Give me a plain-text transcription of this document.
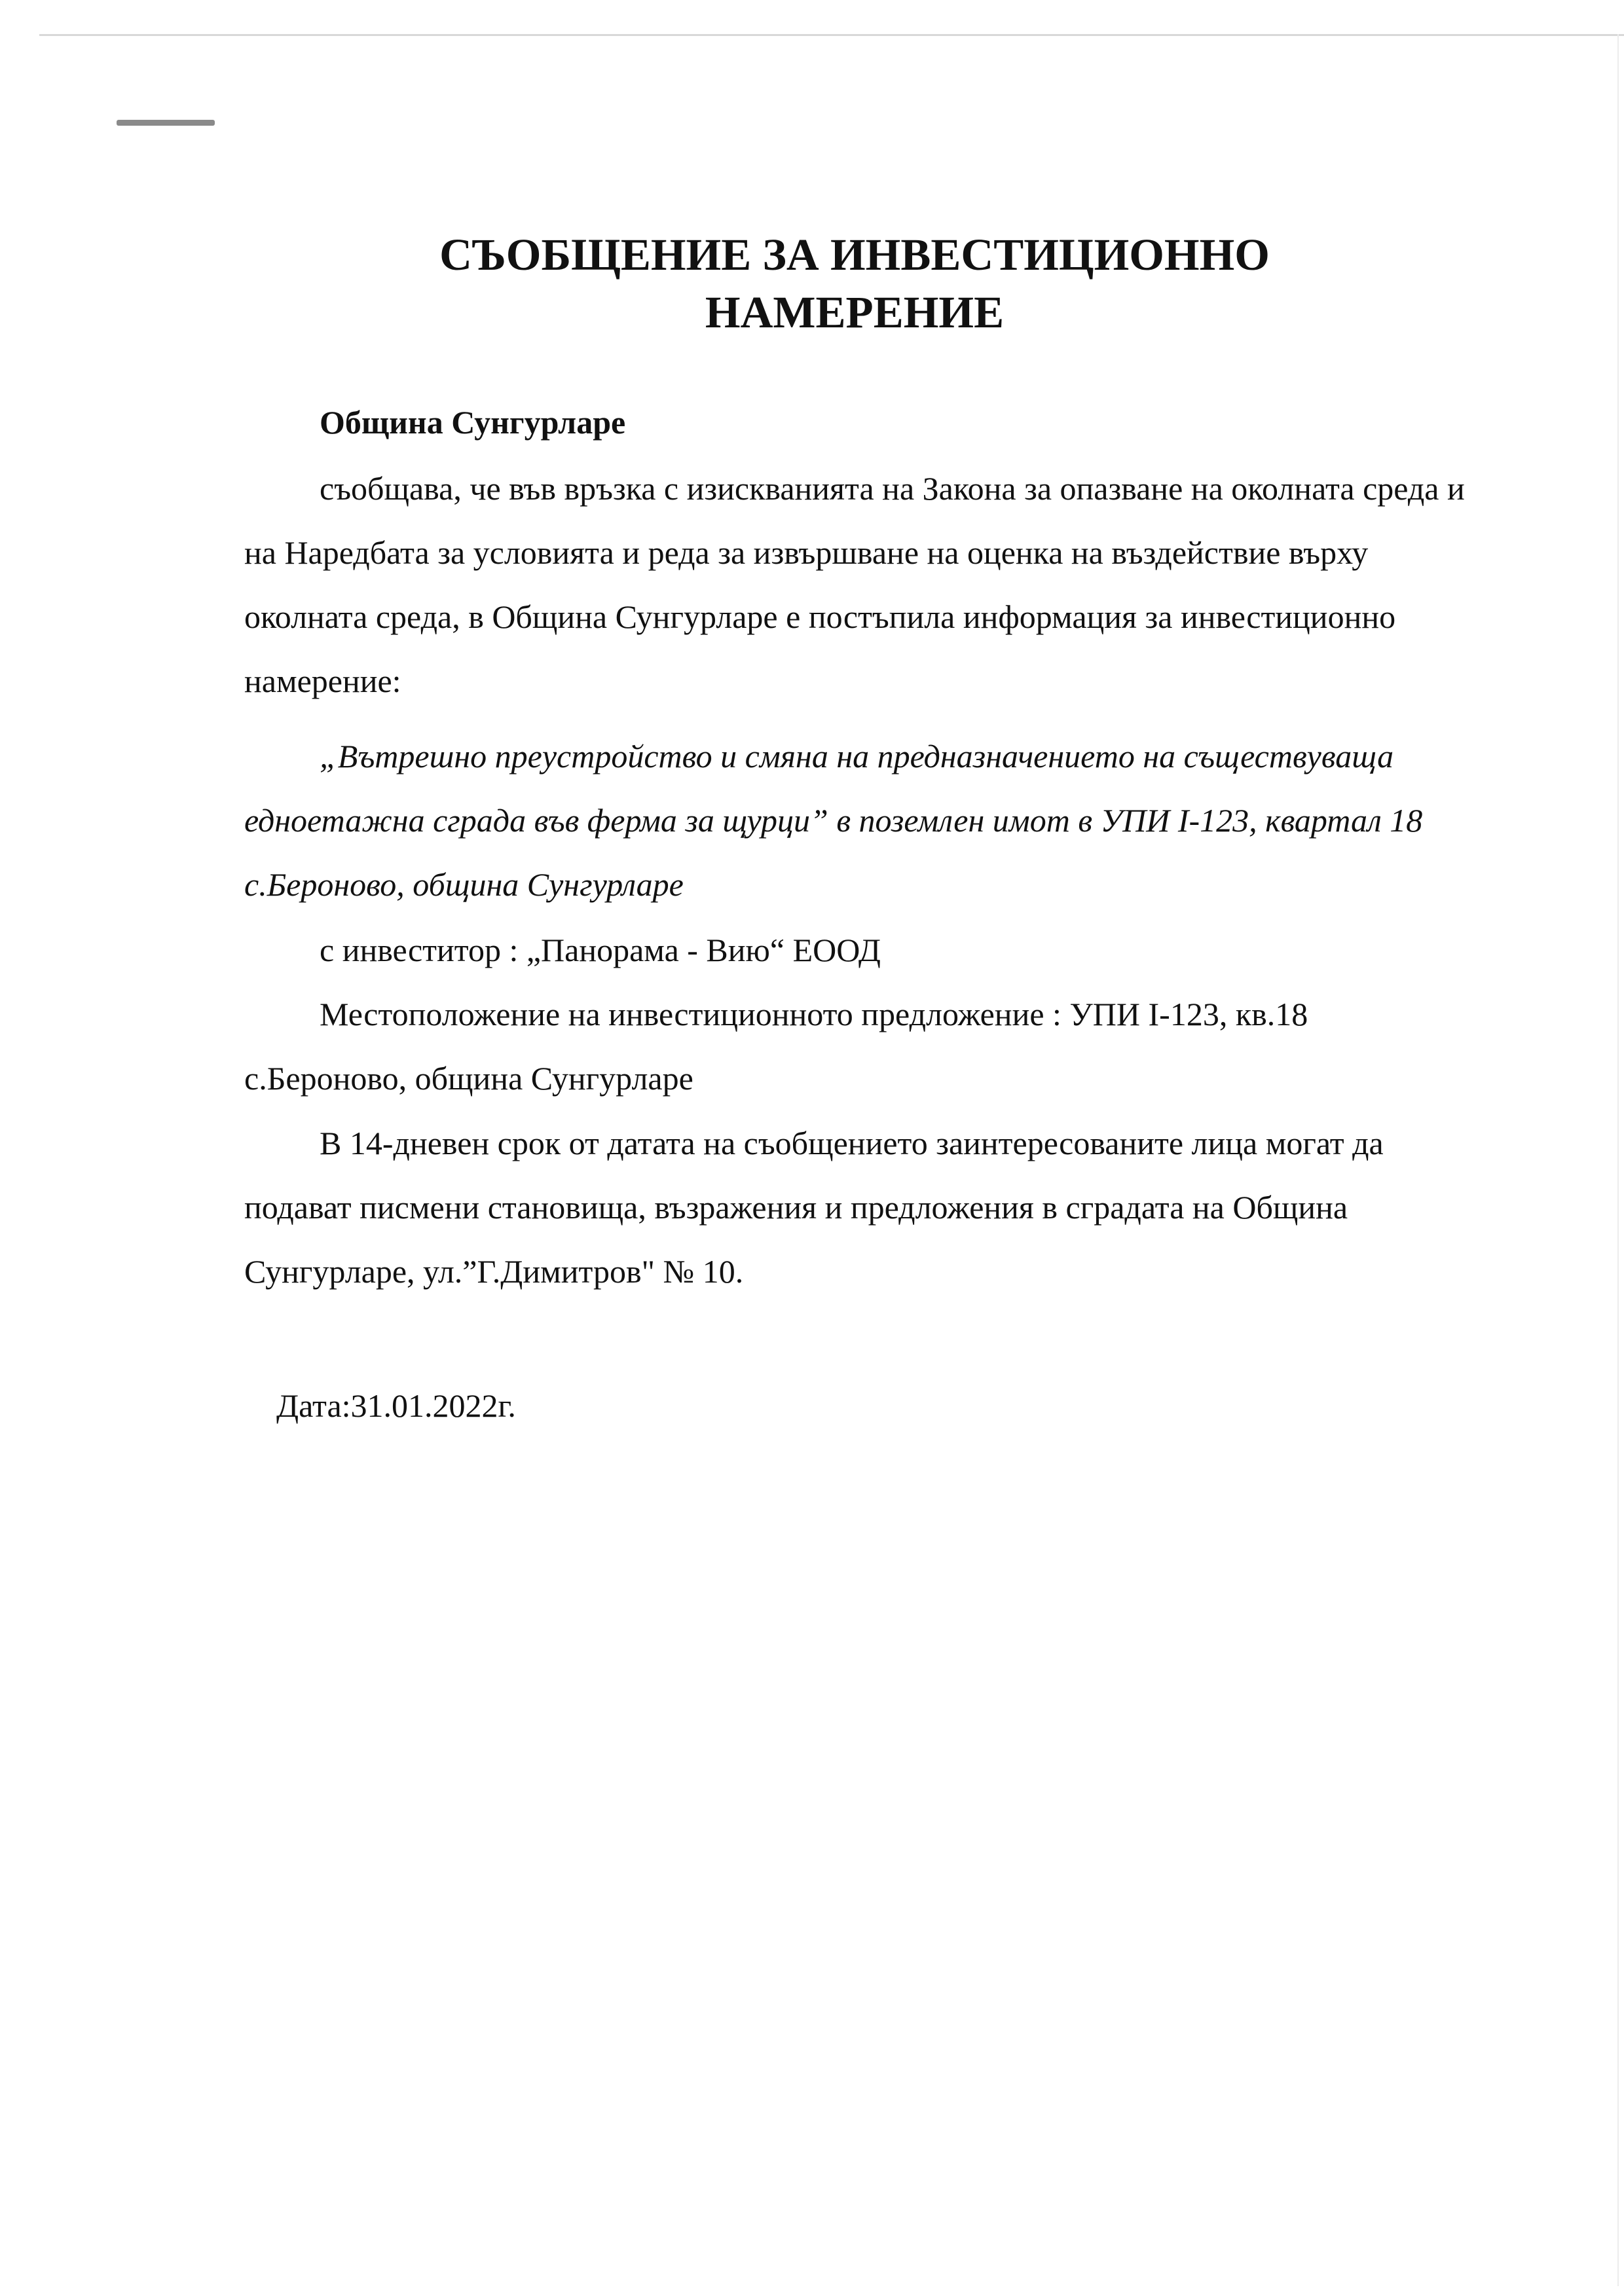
СЪОБЩЕНИЕ ЗА ИНВЕСТИЦИОННО НАМЕРЕНИЕ

Община Сунгурларе

съобщава, че във връзка с изискванията на Закона за опазване на околната среда и на Наредбата за условията и реда за извършване на оценка на въздействие върху околната среда, в Община Сунгурларе е постъпила информация за инвестиционно намерение:

„Вътрешно преустройство и смяна на предназначението на съществуваща едноетажна сграда във ферма за щурци” в поземлен имот в УПИ I-123, квартал 18 с.Бероново, община Сунгурларе

с инвеститор : „Панорама - Вию“ ЕООД

Местоположение на инвестиционното предложение : УПИ I-123, кв.18 с.Бероново, община Сунгурларе

В 14-дневен срок от датата на съобщението заинтересованите лица могат да подават писмени становища, възражения и предложения в сградата на Община Сунгурларе, ул.”Г.Димитров" № 10.

Дата:31.01.2022г.
